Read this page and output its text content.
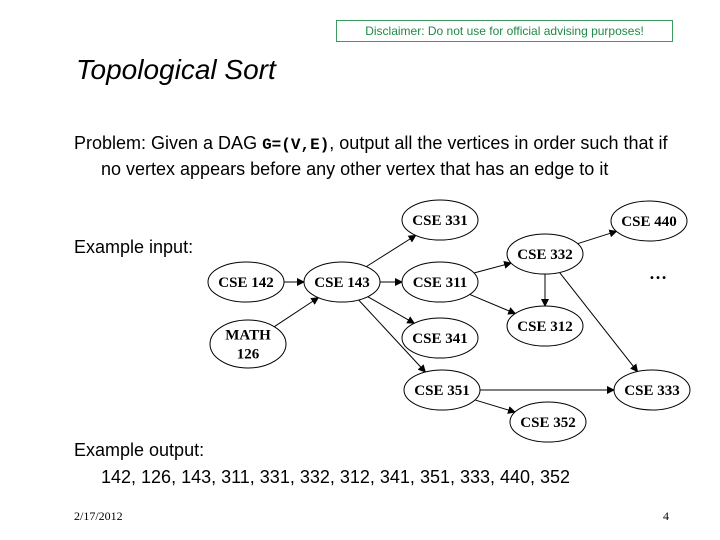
Disclaimer: Do not use for official advising purposes!
Topological Sort
Problem: Given a DAG G=(V,E), output all the vertices in order such that if no vertex appears before any other vertex that has an edge to it
Example input:
CSE 142
MATH
126
CSE 143
CSE 331
CSE 311
CSE 341
CSE 351
CSE 332
CSE 312
CSE 352
CSE 440
CSE 333
…
Example output:
142, 126, 143, 311, 331, 332, 312, 341, 351, 333, 440, 352
2/17/2012	4
